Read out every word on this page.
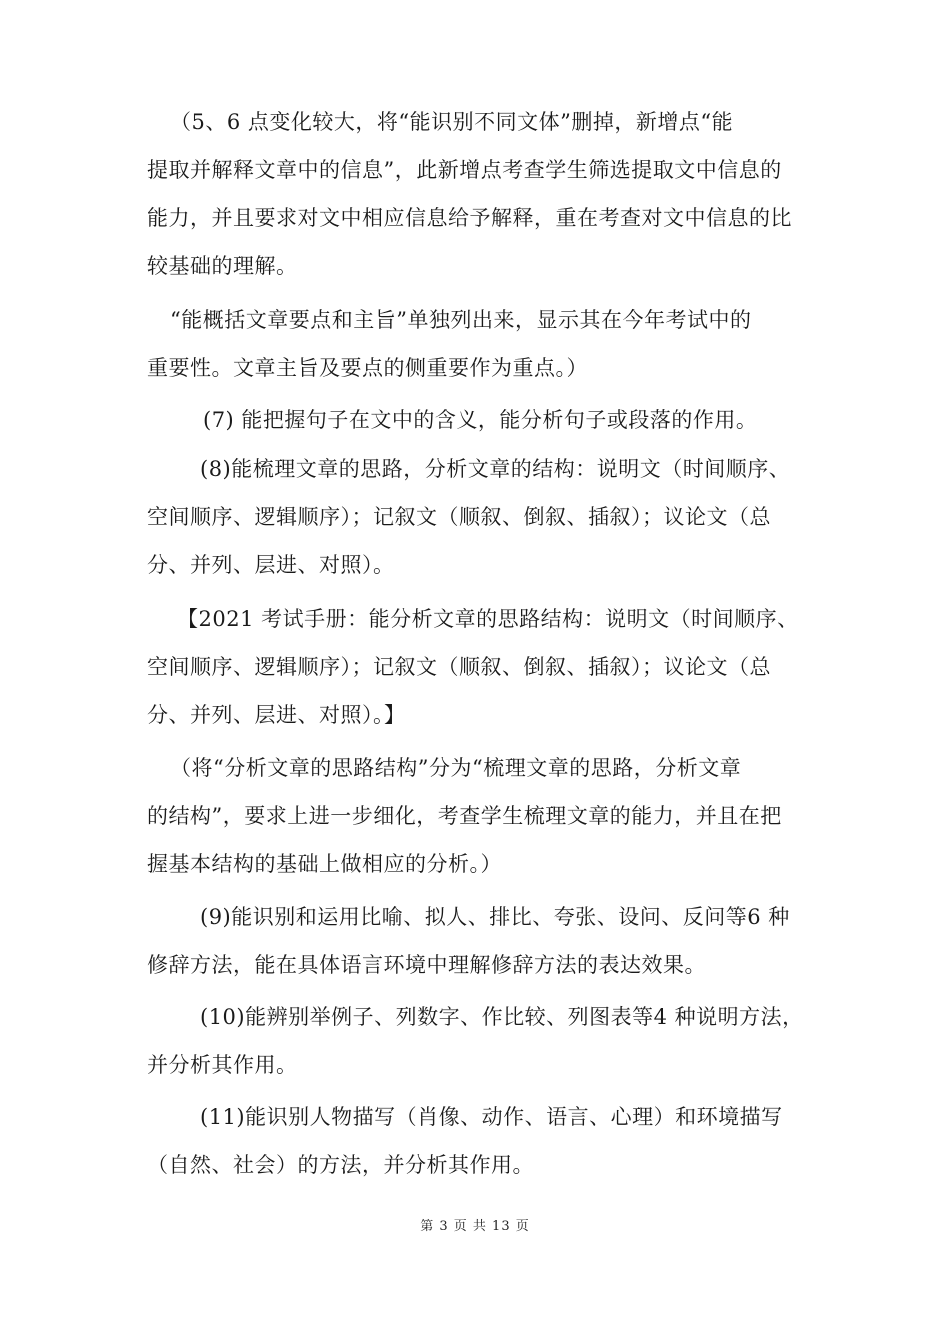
（5、6 点变化较大，将“能识别不同文体”删掉，新增点“能
提取并解释文章中的信息”，此新增点考查学生筛选提取文中信息的
能力，并且要求对文中相应信息给予解释，重在考查对文中信息的比
较基础的理解。
“能概括文章要点和主旨”单独列出来，显示其在今年考试中的
重要性。文章主旨及要点的侧重要作为重点。）
(7) 能把握句子在文中的含义，能分析句子或段落的作用。
(8)能梳理文章的思路，分析文章的结构：说明文（时间顺序、
空间顺序、逻辑顺序）；记叙文（顺叙、倒叙、插叙）；议论文（总
分、并列、层进、对照）。
【2021 考试手册：能分析文章的思路结构：说明文（时间顺序、
空间顺序、逻辑顺序）；记叙文（顺叙、倒叙、插叙）；议论文（总
分、并列、层进、对照）。】
（将“分析文章的思路结构”分为“梳理文章的思路，分析文章
的结构”，要求上进一步细化，考查学生梳理文章的能力，并且在把
握基本结构的基础上做相应的分析。）
(9)能识别和运用比喻、拟人、排比、夸张、设问、反问等6 种
修辞方法，能在具体语言环境中理解修辞方法的表达效果。
(10)能辨别举例子、列数字、作比较、列图表等4 种说明方法，
并分析其作用。
(11)能识别人物描写（肖像、动作、语言、心理）和环境描写
（自然、社会）的方法，并分析其作用。
第 3 页 共 13 页
